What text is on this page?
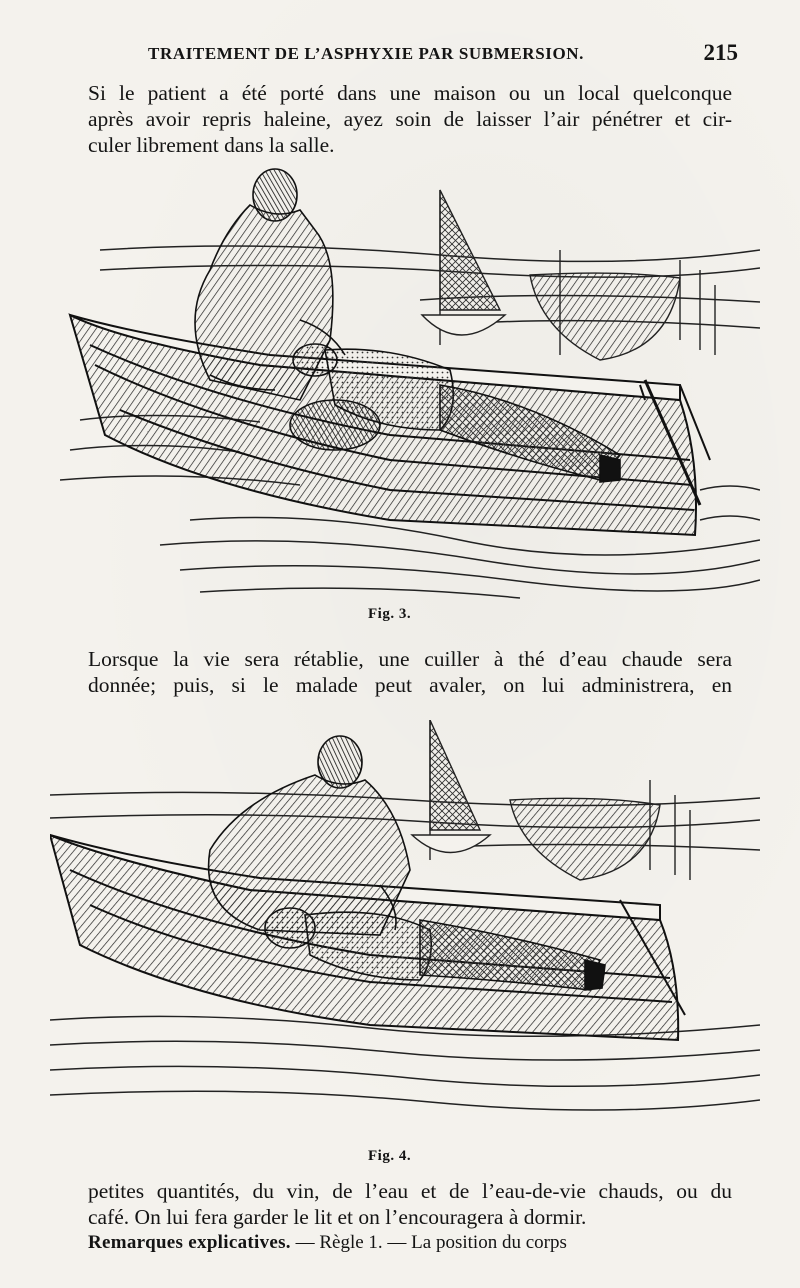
TRAITEMENT DE L’ASPHYXIE PAR SUBMERSION.	215
Si le patient a été porté dans une maison ou un local quelconque
après avoir repris haleine, ayez soin de laisser l’air pénétrer et cir-
culer librement dans la salle.
Fig. 3.
Lorsque la vie sera rétablie, une cuiller à thé d’eau chaude sera
donnée; puis, si le malade peut avaler, on lui administrera, en
Fig. 4.
petites quantités, du vin, de l’eau et de l’eau-de-vie chauds, ou du
café. On lui fera garder le lit et on l’encouragera à dormir.
Remarques explicatives. — Règle 1. — La position du corps
